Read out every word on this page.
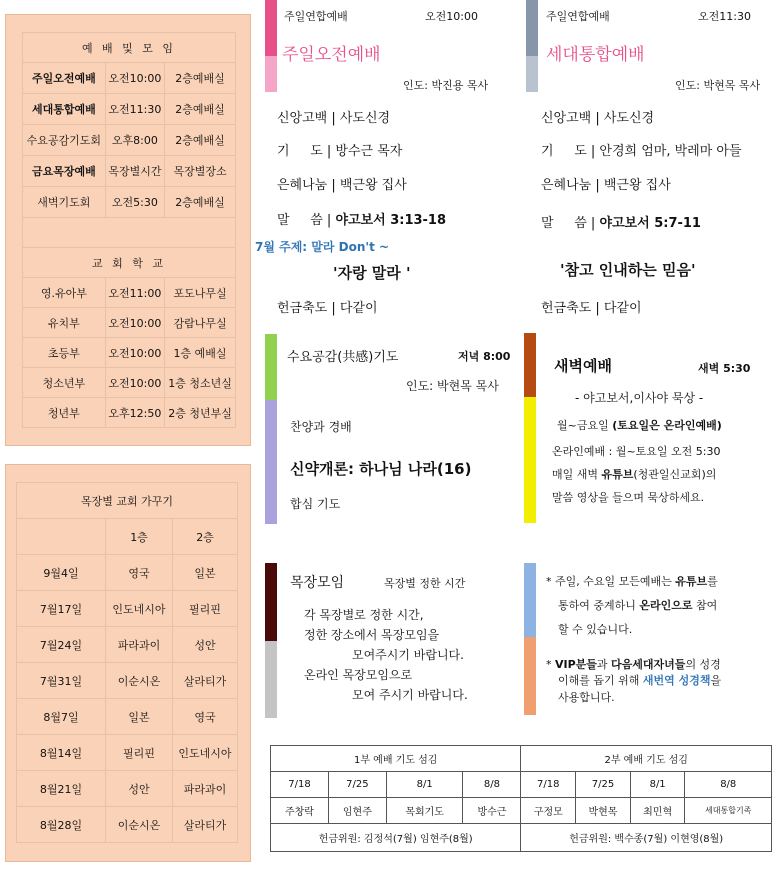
예 배 및 모 임		
주일오전예배	오전10:00	2층예배실
세대통합예배	오전11:30	2층예배실
수요공감기도회	오후8:00	2층예배실
금요목장예배	목장별시간	목장별장소
새벽기도회	오전5:30	2층예배실

교 회 학 교		
영.유아부	오전11:00	포도나무실
유치부	오전10:00	감람나무실
초등부	오전10:00	1층 예배실
청소년부	오전10:00	1층 청소년실
청년부	오후12:50	2층 청년부실
목장별 교회 가꾸기		
	1층	2층
9월4일	영국	일본
7월17일	인도네시아	필리핀
7월24일	파라과이	성안
7월31일	이순시온	살라티가
8월7일	일본	영국
8월14일	필리핀	인도네시아
8월21일	성안	파라과이
8월28일	이순시온	살라티가
주일연합예배	오전10:00
주일오전예배
인도: 박진용 목사
신앙고백 | 사도신경
기     도 | 방수근 목자
은혜나눔 | 백근왕 집사
말     씀 | 야고보서 3:13-18
7월 주제: 말라 Don't ~
'자랑 말라 '
헌금축도 | 다같이
주일연합예배	오전11:30
세대통합예배
인도: 박현목 목사
신앙고백 | 사도신경
기     도 | 안경희 엄마, 박레마 아들
은혜나눔 | 백근왕 집사
말     씀 | 야고보서 5:7-11
'참고 인내하는 믿음'
헌금축도 | 다같이
수요공감(共感)기도	저녁 8:00
인도: 박현목 목사
찬양과 경배
신약개론: 하나님 나라(16)
합심 기도
새벽예배	새벽 5:30
- 야고보서,이사야 묵상 -
월~금요일 (토요일은 온라인예배)
온라인예배 : 월~토요일 오전 5:30
매일 새벽 유튜브(청관일신교회)의
말씀 영상을 들으며 묵상하세요.
목장모임	목장별 정한 시간
각 목장별로 정한 시간,
정한 장소에서 목장모임을
모여주시기 바랍니다.
온라인 목장모임으로
모여 주시기 바랍니다.
* 주일, 수요일 모든예배는 유튜브를
통하여 중계하니 온라인으로 참여
할 수 있습니다.
* VIP분들과 다음세대자녀들의 성경
이해를 돕기 위해 새번역 성경책을
사용합니다.
1부 예배 기도 섬김				2부 예배 기도 섬김			
7/18	7/25	8/1	8/8	7/18	7/25	8/1	8/8
주창락	임현주	목회기도	방수근	구정모	박현목	최민혁	세대통합기족
헌금위원: 김정석(7월) 임현주(8월)				헌금위원: 백수종(7월) 이현영(8월)			
